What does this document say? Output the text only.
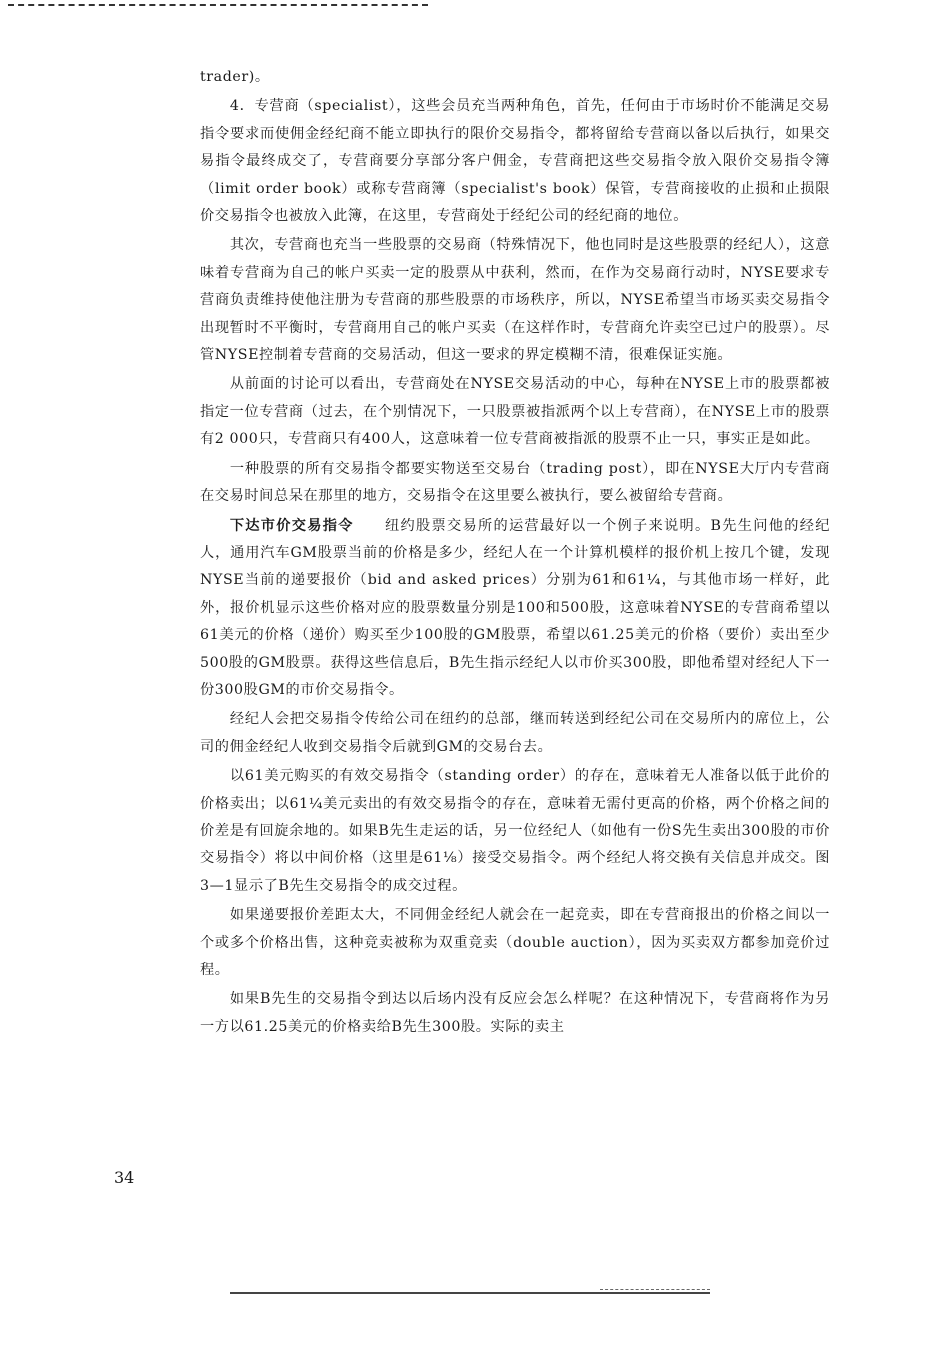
trader)。

4．专营商（specialist），这些会员充当两种角色，首先，任何由于市场时价不能满足交易指令要求而使佣金经纪商不能立即执行的限价交易指令，都将留给专营商以备以后执行，如果交易指令最终成交了，专营商要分享部分客户佣金，专营商把这些交易指令放入限价交易指令簿（limit order book）或称专营商簿（specialist's book）保管，专营商接收的止损和止损限价交易指令也被放入此簿，在这里，专营商处于经纪公司的经纪商的地位。

其次，专营商也充当一些股票的交易商（特殊情况下，他也同时是这些股票的经纪人），这意味着专营商为自己的帐户买卖一定的股票从中获利，然而，在作为交易商行动时，NYSE要求专营商负责维持使他注册为专营商的那些股票的市场秩序，所以，NYSE希望当市场买卖交易指令出现暂时不平衡时，专营商用自己的帐户买卖（在这样作时，专营商允许卖空已过户的股票）。尽管NYSE控制着专营商的交易活动，但这一要求的界定模糊不清，很难保证实施。

从前面的讨论可以看出，专营商处在NYSE交易活动的中心，每种在NYSE上市的股票都被指定一位专营商（过去，在个别情况下，一只股票被指派两个以上专营商），在NYSE上市的股票有2 000只，专营商只有400人，这意味着一位专营商被指派的股票不止一只，事实正是如此。

一种股票的所有交易指令都要实物送至交易台（trading post），即在NYSE大厅内专营商在交易时间总呆在那里的地方，交易指令在这里要么被执行，要么被留给专营商。

下达市价交易指令 纽约股票交易所的运营最好以一个例子来说明。B先生问他的经纪人，通用汽车GM股票当前的价格是多少，经纪人在一个计算机模样的报价机上按几个键，发现NYSE当前的递要报价（bid and asked prices）分别为61和61¼，与其他市场一样好，此外，报价机显示这些价格对应的股票数量分别是100和500股，这意味着NYSE的专营商希望以61美元的价格（递价）购买至少100股的GM股票，希望以61.25美元的价格（要价）卖出至少500股的GM股票。获得这些信息后，B先生指示经纪人以市价买300股，即他希望对经纪人下一份300股GM的市价交易指令。

经纪人会把交易指令传给公司在纽约的总部，继而转送到经纪公司在交易所内的席位上，公司的佣金经纪人收到交易指令后就到GM的交易台去。

以61美元购买的有效交易指令（standing order）的存在，意味着无人准备以低于此价的价格卖出；以61¼美元卖出的有效交易指令的存在，意味着无需付更高的价格，两个价格之间的价差是有回旋余地的。如果B先生走运的话，另一位经纪人（如他有一份S先生卖出300股的市价交易指令）将以中间价格（这里是61⅛）接受交易指令。两个经纪人将交换有关信息并成交。图3—1显示了B先生交易指令的成交过程。

如果递要报价差距太大，不同佣金经纪人就会在一起竞卖，即在专营商报出的价格之间以一个或多个价格出售，这种竞卖被称为双重竞卖（double auction），因为买卖双方都参加竞价过程。

如果B先生的交易指令到达以后场内没有反应会怎么样呢？在这种情况下，专营商将作为另一方以61.25美元的价格卖给B先生300股。实际的卖主

34
